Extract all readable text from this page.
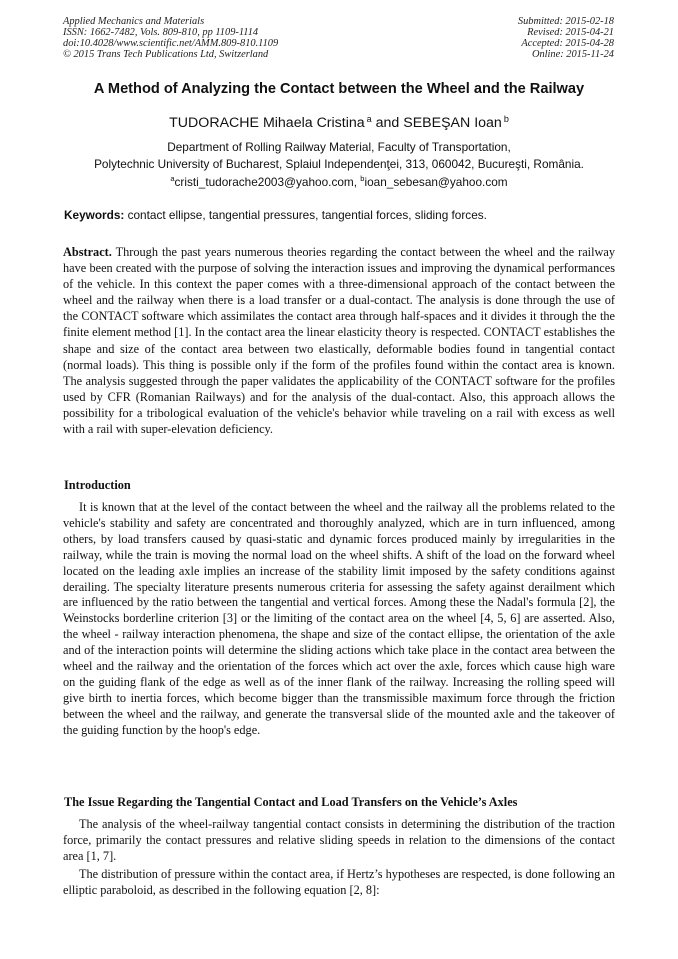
Applied Mechanics and Materials
ISSN: 1662-7482, Vols. 809-810, pp 1109-1114
doi:10.4028/www.scientific.net/AMM.809-810.1109
© 2015 Trans Tech Publications Ltd, Switzerland
Submitted: 2015-02-18
Revised: 2015-04-21
Accepted: 2015-04-28
Online: 2015-11-24
A Method of Analyzing the Contact between the Wheel and the Railway
TUDORACHE Mihaela Cristina $^a$ and SEBEŞAN Ioan $^b$
Department of Rolling Railway Material, Faculty of Transportation,
Polytechnic University of Bucharest, Splaiul Independenţei, 313, 060042, Bucureşti, România.
$^a$cristi_tudorache2003@yahoo.com, $^b$ioan_sebesan@yahoo.com
Keywords: contact ellipse, tangential pressures, tangential forces, sliding forces.
Abstract. Through the past years numerous theories regarding the contact between the wheel and the railway have been created with the purpose of solving the interaction issues and improving the dynamical performances of the vehicle. In this context the paper comes with a three-dimensional approach of the contact between the wheel and the railway when there is a load transfer or a dual-contact. The analysis is done through the use of the CONTACT software which assimilates the contact area through half-spaces and it divides it through the the finite element method [1]. In the contact area the linear elasticity theory is respected. CONTACT establishes the shape and size of the contact area between two elastically, deformable bodies found in tangential contact (normal loads). This thing is possible only if the form of the profiles found within the contact area is known. The analysis suggested through the paper validates the applicability of the CONTACT software for the profiles used by CFR (Romanian Railways) and for the analysis of the dual-contact. Also, this approach allows the possibility for a tribological evaluation of the vehicle's behavior while traveling on a rail with excess as well with a rail with super-elevation deficiency.
Introduction

It is known that at the level of the contact between the wheel and the railway all the problems related to the vehicle's stability and safety are concentrated and thoroughly analyzed, which are in turn influenced, among others, by load transfers caused by quasi-static and dynamic forces produced mainly by irregularities in the railway, while the train is moving the normal load on the wheel shifts. A shift of the load on the forward wheel located on the leading axle implies an increase of the stability limit imposed by the safety conditions against derailing. The specialty literature presents numerous criteria for assessing the safety against derailment which are influenced by the ratio between the tangential and vertical forces. Among these the Nadal's formula [2], the Weinstocks borderline criterion [3] or the limiting of the contact area on the wheel [4, 5, 6] are asserted. Also, the wheel - railway interaction phenomena, the shape and size of the contact ellipse, the orientation of the axle and of the interaction points will determine the sliding actions which take place in the contact area between the wheel and the railway and the orientation of the forces which act over the axle, forces which cause high ware on the guiding flank of the edge as well as of the inner flank of the railway. Increasing the rolling speed will give birth to inertia forces, which become bigger than the transmissible maximum force through the friction between the wheel and the railway, and generate the transversal slide of the mounted axle and the takeover of the guiding function by the hoop's edge.

The Issue Regarding the Tangential Contact and Load Transfers on the Vehicle’s Axles

The analysis of the wheel-railway tangential contact consists in determining the distribution of the traction force, primarily the contact pressures and relative sliding speeds in relation to the dimensions of the contact area [1, 7].

The distribution of pressure within the contact area, if Hertz’s hypotheses are respected, is done following an elliptic paraboloid, as described in the following equation [2, 8]:
